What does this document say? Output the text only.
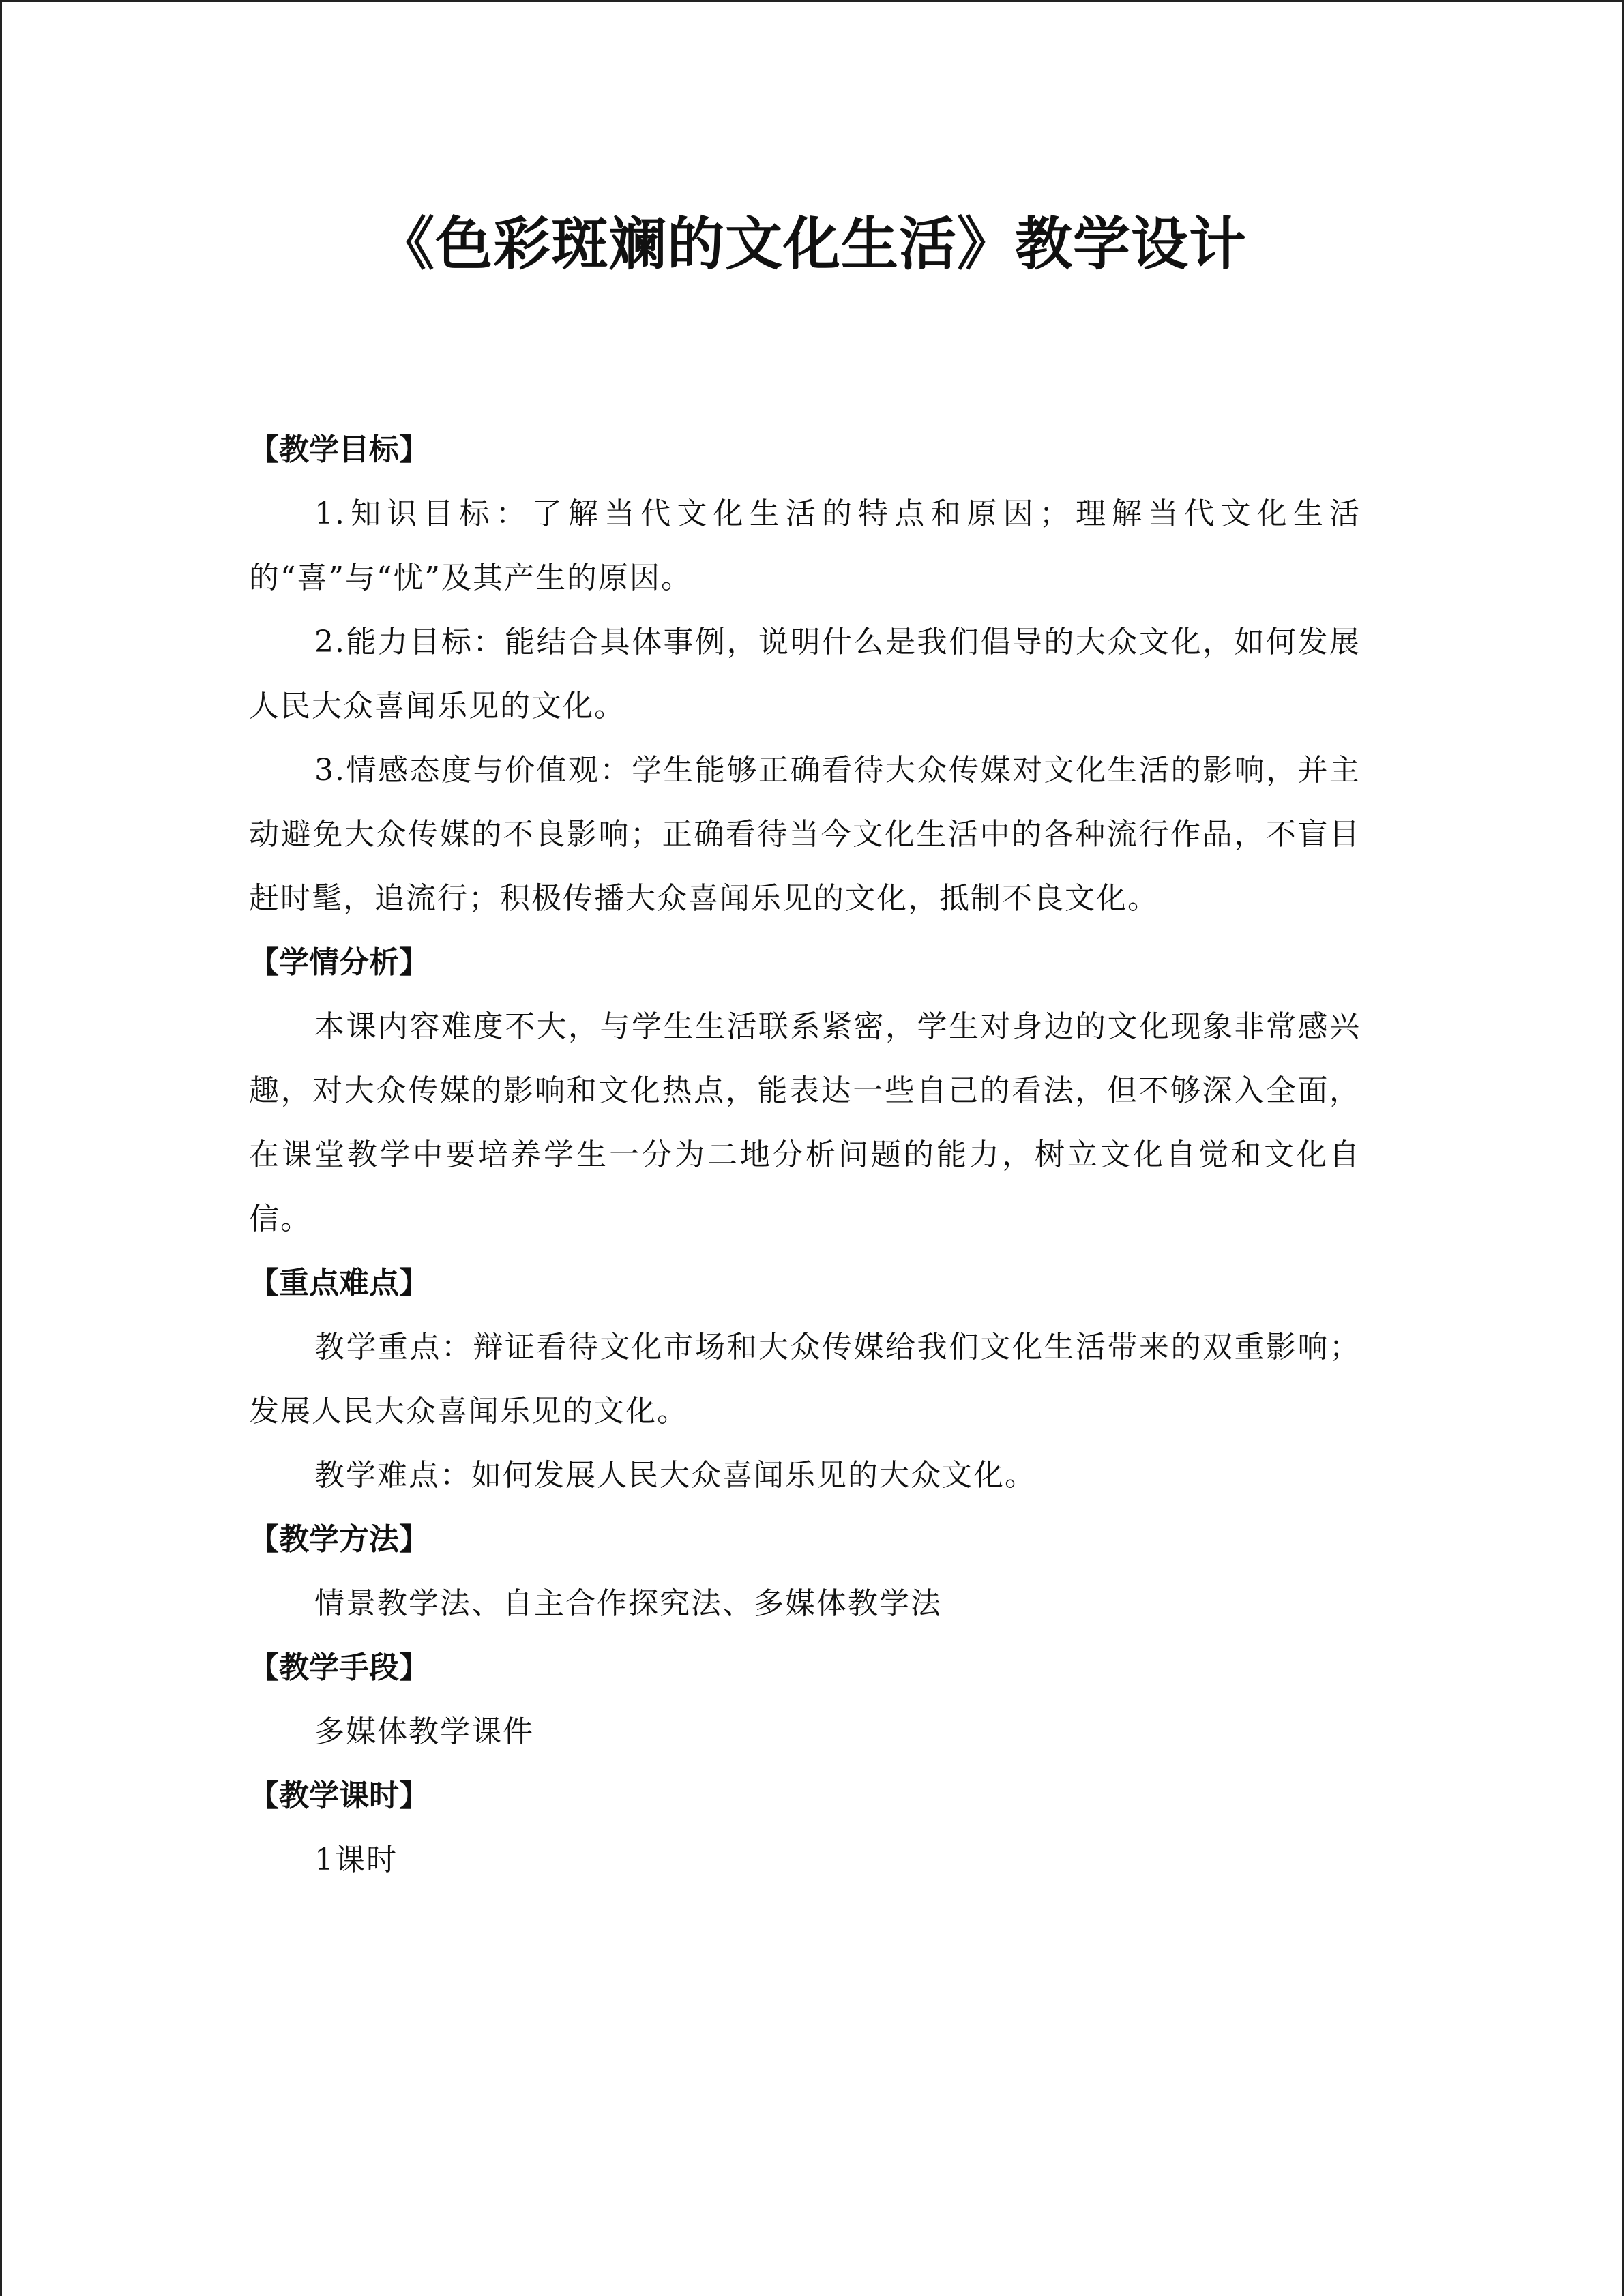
《色彩斑斓的文化生活》教学设计

【教学目标】

1.知识目标：了解当代文化生活的特点和原因；理解当代文化生活的“喜”与“忧”及其产生的原因。

2.能力目标：能结合具体事例，说明什么是我们倡导的大众文化，如何发展人民大众喜闻乐见的文化。

3.情感态度与价值观：学生能够正确看待大众传媒对文化生活的影响，并主动避免大众传媒的不良影响；正确看待当今文化生活中的各种流行作品，不盲目赶时髦，追流行；积极传播大众喜闻乐见的文化，抵制不良文化。

【学情分析】

本课内容难度不大，与学生生活联系紧密，学生对身边的文化现象非常感兴趣，对大众传媒的影响和文化热点，能表达一些自己的看法，但不够深入全面，在课堂教学中要培养学生一分为二地分析问题的能力，树立文化自觉和文化自信。

【重点难点】

教学重点：辩证看待文化市场和大众传媒给我们文化生活带来的双重影响；发展人民大众喜闻乐见的文化。

教学难点：如何发展人民大众喜闻乐见的大众文化。

【教学方法】

情景教学法、自主合作探究法、多媒体教学法

【教学手段】

多媒体教学课件

【教学课时】

1课时
